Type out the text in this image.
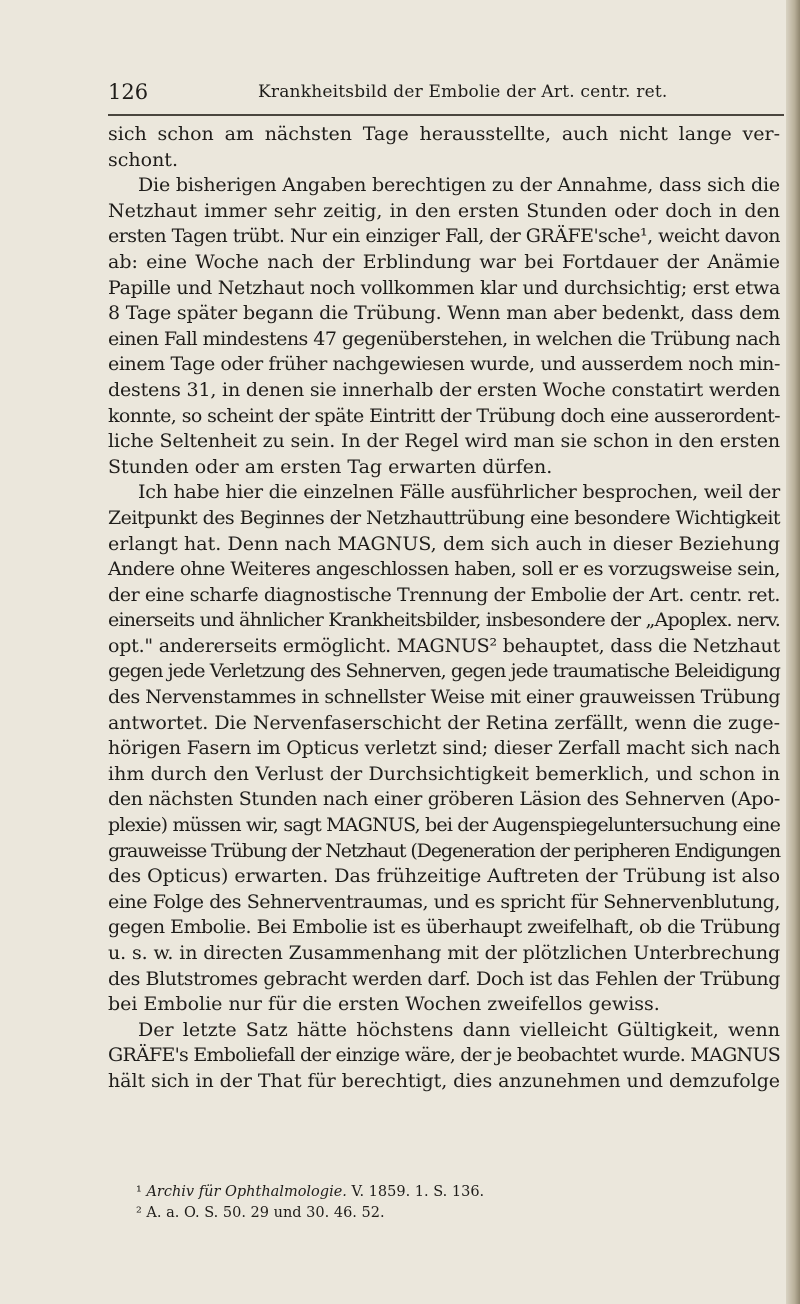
126	Krankheitsbild der Embolie der Art. centr. ret.
sich schon am nächsten Tage herausstellte, auch nicht lange ver-
schont.
Die bisherigen Angaben berechtigen zu der Annahme, dass sich die
Netzhaut immer sehr zeitig, in den ersten Stunden oder doch in den
ersten Tagen trübt. Nur ein einziger Fall, der GRÄFE'sche¹, weicht davon
ab: eine Woche nach der Erblindung war bei Fortdauer der Anämie
Papille und Netzhaut noch vollkommen klar und durchsichtig; erst etwa
8 Tage später begann die Trübung. Wenn man aber bedenkt, dass dem
einen Fall mindestens 47 gegenüberstehen, in welchen die Trübung nach
einem Tage oder früher nachgewiesen wurde, und ausserdem noch min-
destens 31, in denen sie innerhalb der ersten Woche constatirt werden
konnte, so scheint der späte Eintritt der Trübung doch eine ausserordent-
liche Seltenheit zu sein. In der Regel wird man sie schon in den ersten
Stunden oder am ersten Tag erwarten dürfen.
Ich habe hier die einzelnen Fälle ausführlicher besprochen, weil der
Zeitpunkt des Beginnes der Netzhauttrübung eine besondere Wichtigkeit
erlangt hat. Denn nach MAGNUS, dem sich auch in dieser Beziehung
Andere ohne Weiteres angeschlossen haben, soll er es vorzugsweise sein,
der eine scharfe diagnostische Trennung der Embolie der Art. centr. ret.
einerseits und ähnlicher Krankheitsbilder, insbesondere der „Apoplex. nerv.
opt." andererseits ermöglicht. MAGNUS² behauptet, dass die Netzhaut
gegen jede Verletzung des Sehnerven, gegen jede traumatische Beleidigung
des Nervenstammes in schnellster Weise mit einer grauweissen Trübung
antwortet. Die Nervenfaserschicht der Retina zerfällt, wenn die zuge-
hörigen Fasern im Opticus verletzt sind; dieser Zerfall macht sich nach
ihm durch den Verlust der Durchsichtigkeit bemerklich, und schon in
den nächsten Stunden nach einer gröberen Läsion des Sehnerven (Apo-
plexie) müssen wir, sagt MAGNUS, bei der Augenspiegeluntersuchung eine
grauweisse Trübung der Netzhaut (Degeneration der peripheren Endigungen
des Opticus) erwarten. Das frühzeitige Auftreten der Trübung ist also
eine Folge des Sehnerventraumas, und es spricht für Sehnervenblutung,
gegen Embolie. Bei Embolie ist es überhaupt zweifelhaft, ob die Trübung
u. s. w. in directen Zusammenhang mit der plötzlichen Unterbrechung
des Blutstromes gebracht werden darf. Doch ist das Fehlen der Trübung
bei Embolie nur für die ersten Wochen zweifellos gewiss.
Der letzte Satz hätte höchstens dann vielleicht Gültigkeit, wenn
GRÄFE's Emboliefall der einzige wäre, der je beobachtet wurde. MAGNUS
hält sich in der That für berechtigt, dies anzunehmen und demzufolge
¹ Archiv für Ophthalmologie. V. 1859. 1. S. 136.
² A. a. O. S. 50. 29 und 30. 46. 52.
